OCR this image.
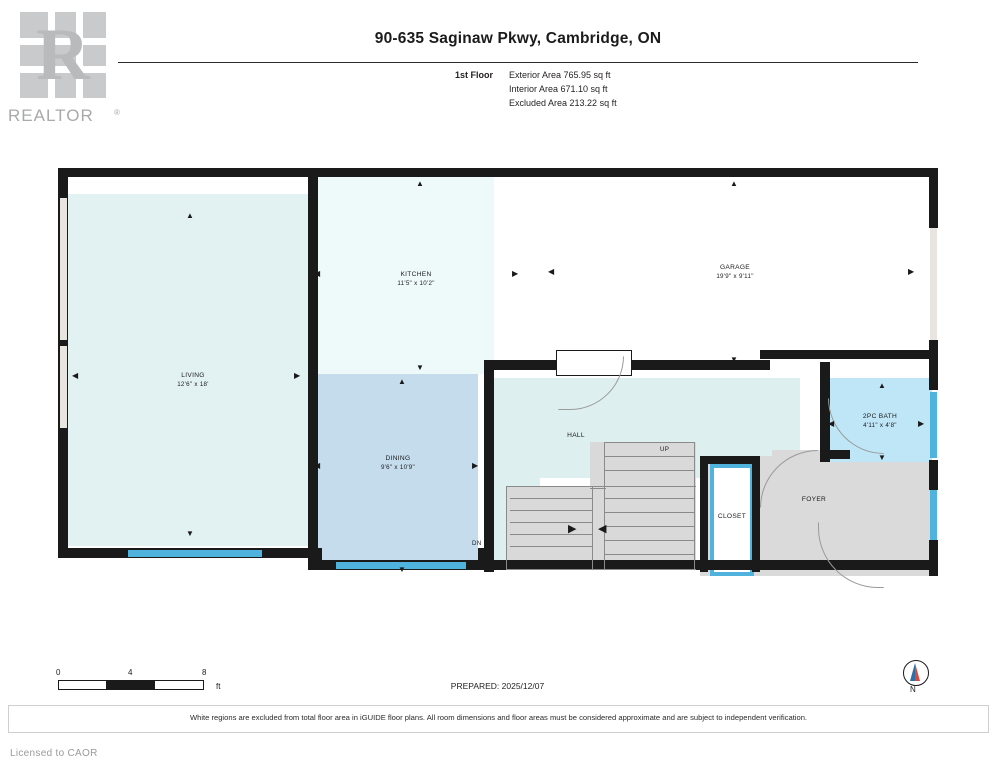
R
REALTOR	®
90-635 Saginaw Pkwy, Cambridge, ON
1st Floor Exterior Area 765.95 sq ft
Interior Area 671.10 sq ft
Excluded Area 213.22 sq ft
▶ ◀
DN
UP
▲
▼
◀	▶
▲
▼
◀	▶
▲
▼
◀	▶
▲
▼
◀	▶
▲
▼
◀	▶
LIVING
12'6" x 18'
KITCHEN
11'5" x 10'2"
DINING
9'6" x 10'9"
GARAGE
19'9" x 9'11"
2PC BATH
4'11" x 4'8"
HALL
FOYER
CLOSET
0	4	8
ft	PREPARED: 2025/12/07	N
White regions are excluded from total floor area in iGUIDE floor plans. All room dimensions and floor areas must be considered approximate and are subject to independent verification.
Licensed to CAOR
